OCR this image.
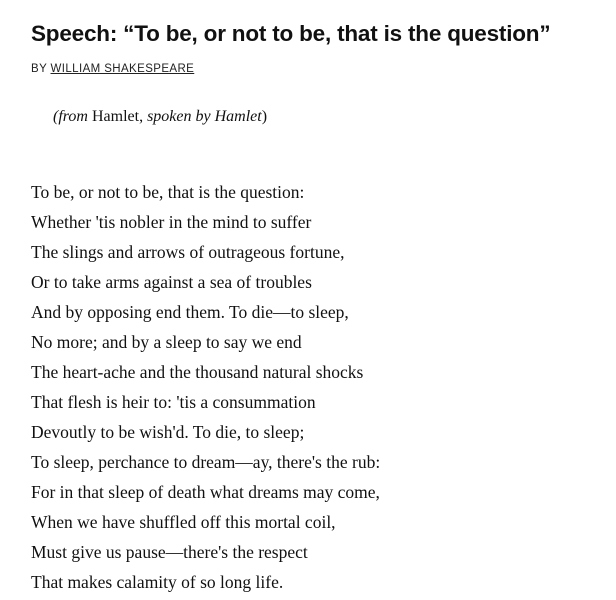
Speech: “To be, or not to be, that is the question”
BY WILLIAM SHAKESPEARE
(from Hamlet, spoken by Hamlet)
To be, or not to be, that is the question:
Whether 'tis nobler in the mind to suffer
The slings and arrows of outrageous fortune,
Or to take arms against a sea of troubles
And by opposing end them. To die—to sleep,
No more; and by a sleep to say we end
The heart-ache and the thousand natural shocks
That flesh is heir to: 'tis a consummation
Devoutly to be wish'd. To die, to sleep;
To sleep, perchance to dream—ay, there's the rub:
For in that sleep of death what dreams may come,
When we have shuffled off this mortal coil,
Must give us pause—there's the respect
That makes calamity of so long life.
